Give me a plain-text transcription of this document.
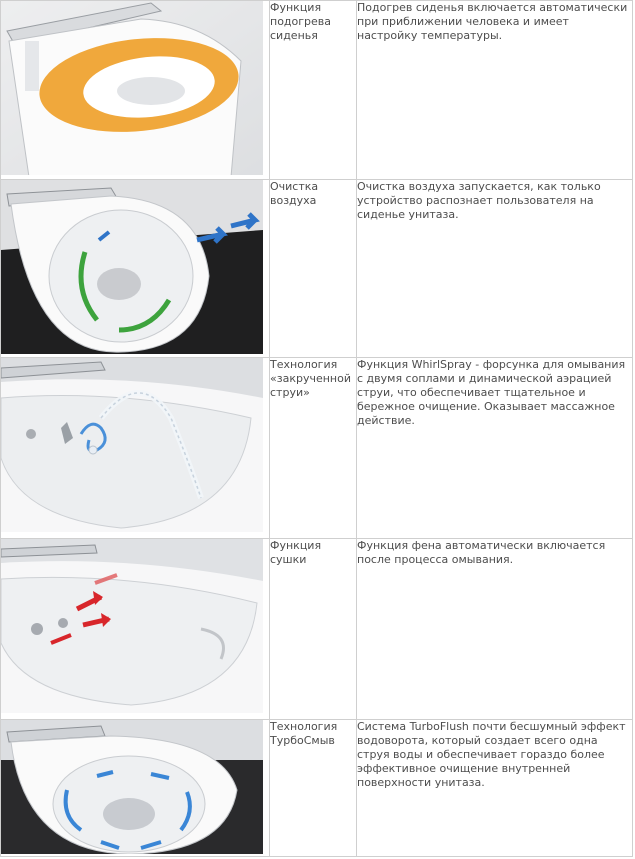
	Функция подогрева сиденья	Подогрев сиденья включается автоматически при приближении человека и имеет настройку температуры.

	Очистка воздуха	Очистка воздуха запускается, как только устройство распознает пользователя на сиденье унитаза.

	Технология «закрученной струи»	Функция WhirlSpray - форсунка для омывания с двумя соплами и динамической аэрацией струи, что обеспечивает тщательное и бережное очищение. Оказывает массажное действие.

	Функция сушки	Функция фена автоматически включается после процесса омывания.

	Технология ТурбоСмыв	Система TurboFlush почти бесшумный эффект водоворота, который создает всего одна струя воды и обеспечивает гораздо более эффективное очищение внутренней поверхности унитаза.
